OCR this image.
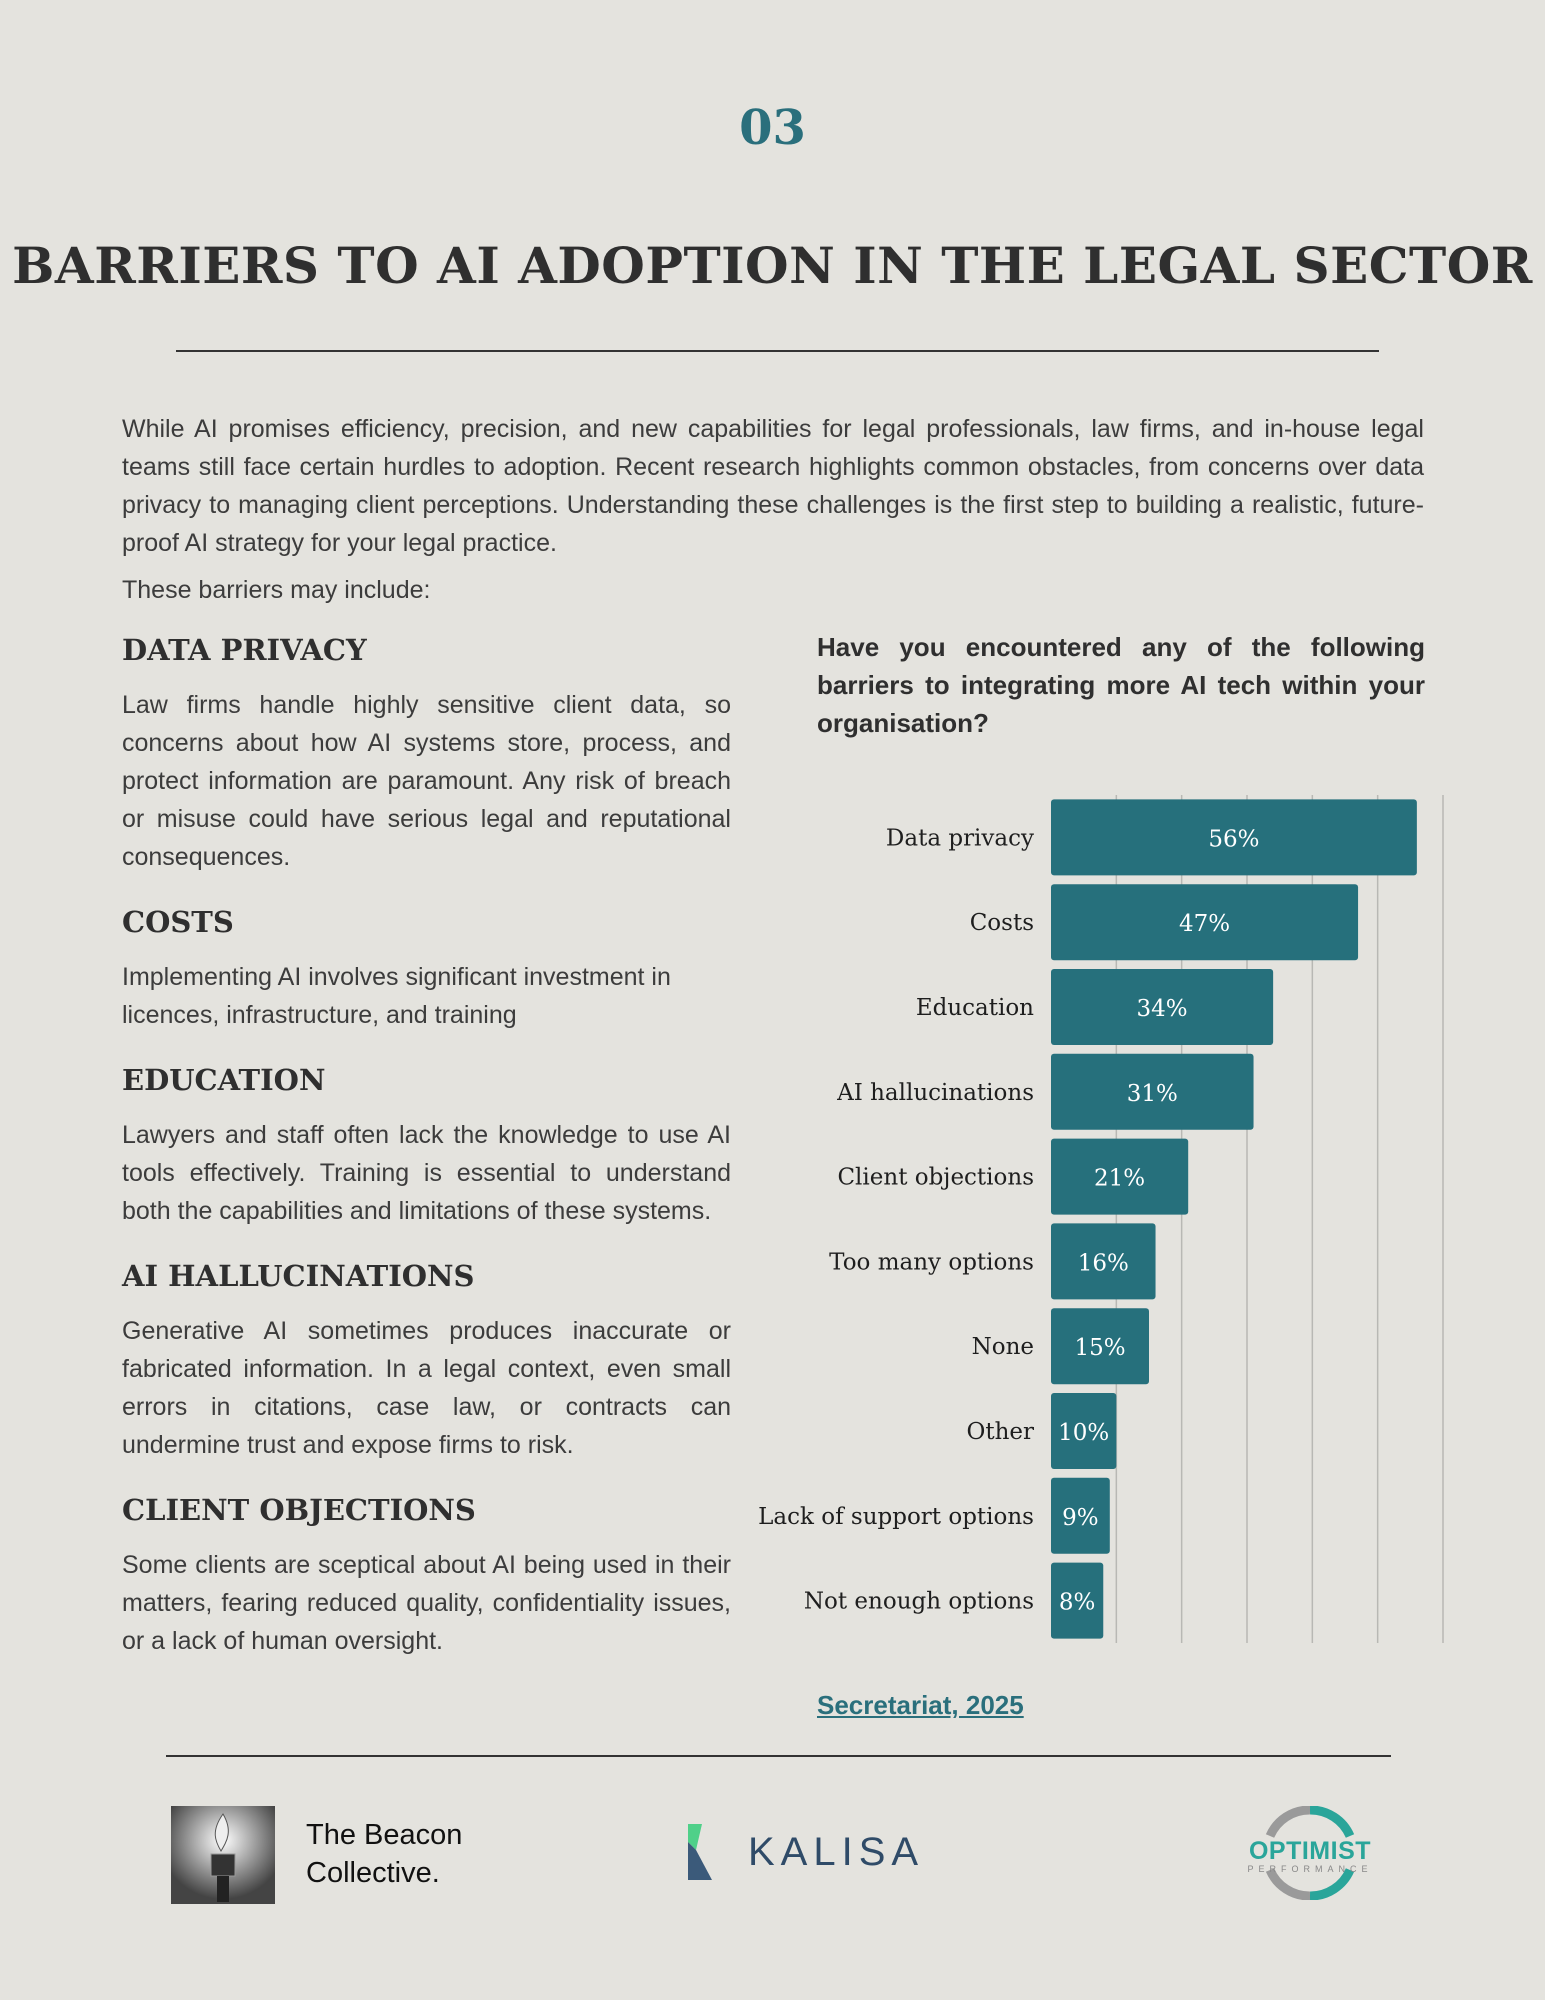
03
BARRIERS TO AI ADOPTION IN THE LEGAL SECTOR
While AI promises efficiency, precision, and new capabilities for legal professionals, law firms, and in-house legal teams still face certain hurdles to adoption. Recent research highlights common obstacles, from concerns over data privacy to managing client perceptions. Understanding these challenges is the first step to building a realistic, future-proof AI strategy for your legal practice.
These barriers may include:
DATA PRIVACY

Law firms handle highly sensitive client data, so concerns about how AI systems store, process, and protect information are paramount. Any risk of breach or misuse could have serious legal and reputational consequences.

COSTS

Implementing AI involves significant investment in licences, infrastructure, and training

EDUCATION

Lawyers and staff often lack the knowledge to use AI tools effectively. Training is essential to understand both the capabilities and limitations of these systems.

AI HALLUCINATIONS

Generative AI sometimes produces inaccurate or fabricated information. In a legal context, even small errors in citations, case law, or contracts can undermine trust and expose firms to risk.

CLIENT OBJECTIONS

Some clients are sceptical about AI being used in their matters, fearing reduced quality, confidentiality issues, or a lack of human oversight.

Have you encountered any of the following barriers to integrating more AI tech within your organisation?
Data privacy	56%
Costs	47%
Education	34%
AI hallucinations	31%
Client objections	21%
Too many options 16%
None 15%
Other 10%
Lack of support options 9%
Not enough options 8%
Secretariat, 2025
The Beacon
Collective.	KALISA	OPTIMIST
PERFORMANCE
